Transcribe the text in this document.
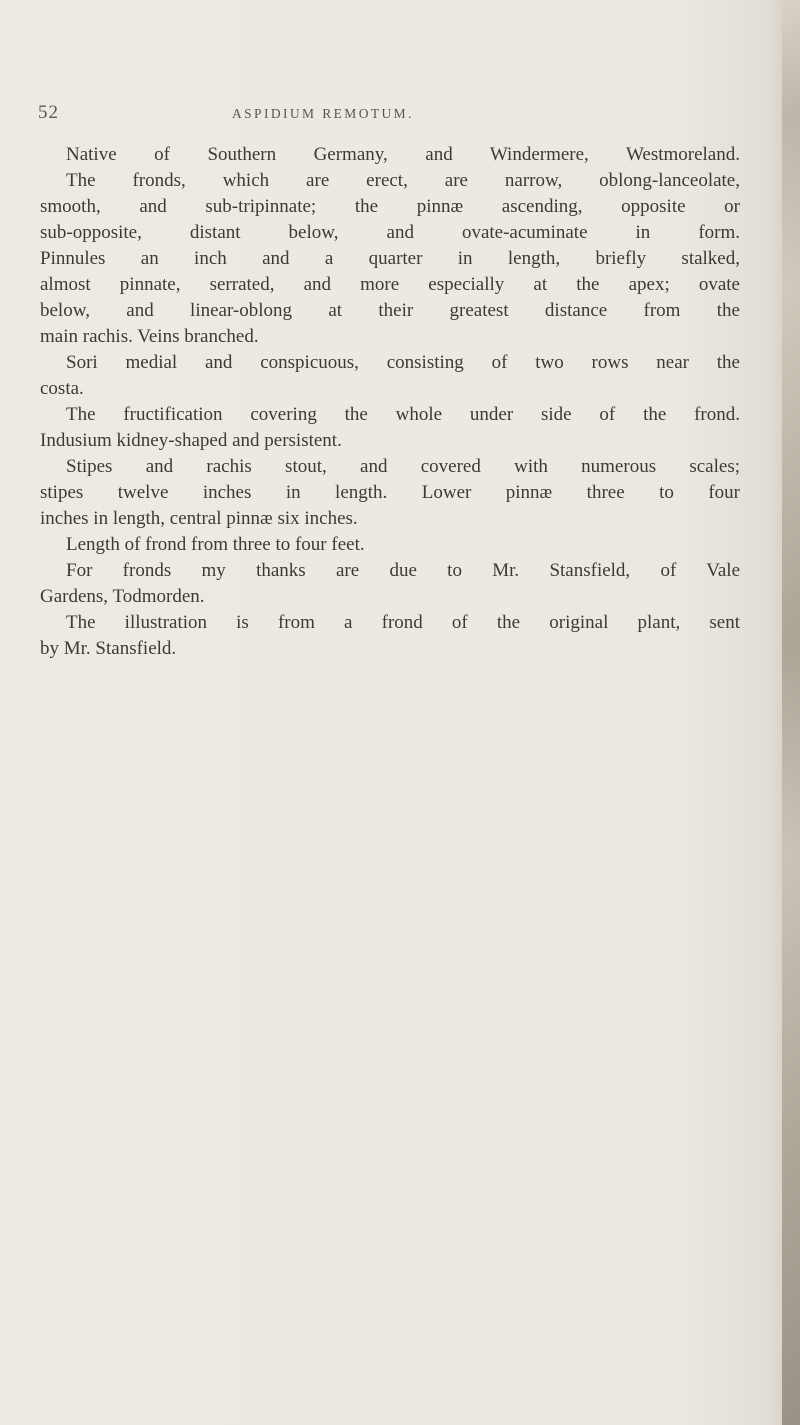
52	ASPIDIUM REMOTUM.
Native of Southern Germany, and Windermere, Westmoreland.
The fronds, which are erect, are narrow, oblong-lanceolate,
smooth, and sub-tripinnate; the pinnæ ascending, opposite or
sub-opposite, distant below, and ovate-acuminate in form.
Pinnules an inch and a quarter in length, briefly stalked,
almost pinnate, serrated, and more especially at the apex; ovate
below, and linear-oblong at their greatest distance from the
main rachis. Veins branched.
Sori medial and conspicuous, consisting of two rows near the
costa.
The fructification covering the whole under side of the frond.
Indusium kidney-shaped and persistent.
Stipes and rachis stout, and covered with numerous scales;
stipes twelve inches in length. Lower pinnæ three to four
inches in length, central pinnæ six inches.
Length of frond from three to four feet.
For fronds my thanks are due to Mr. Stansfield, of Vale
Gardens, Todmorden.
The illustration is from a frond of the original plant, sent
by Mr. Stansfield.
